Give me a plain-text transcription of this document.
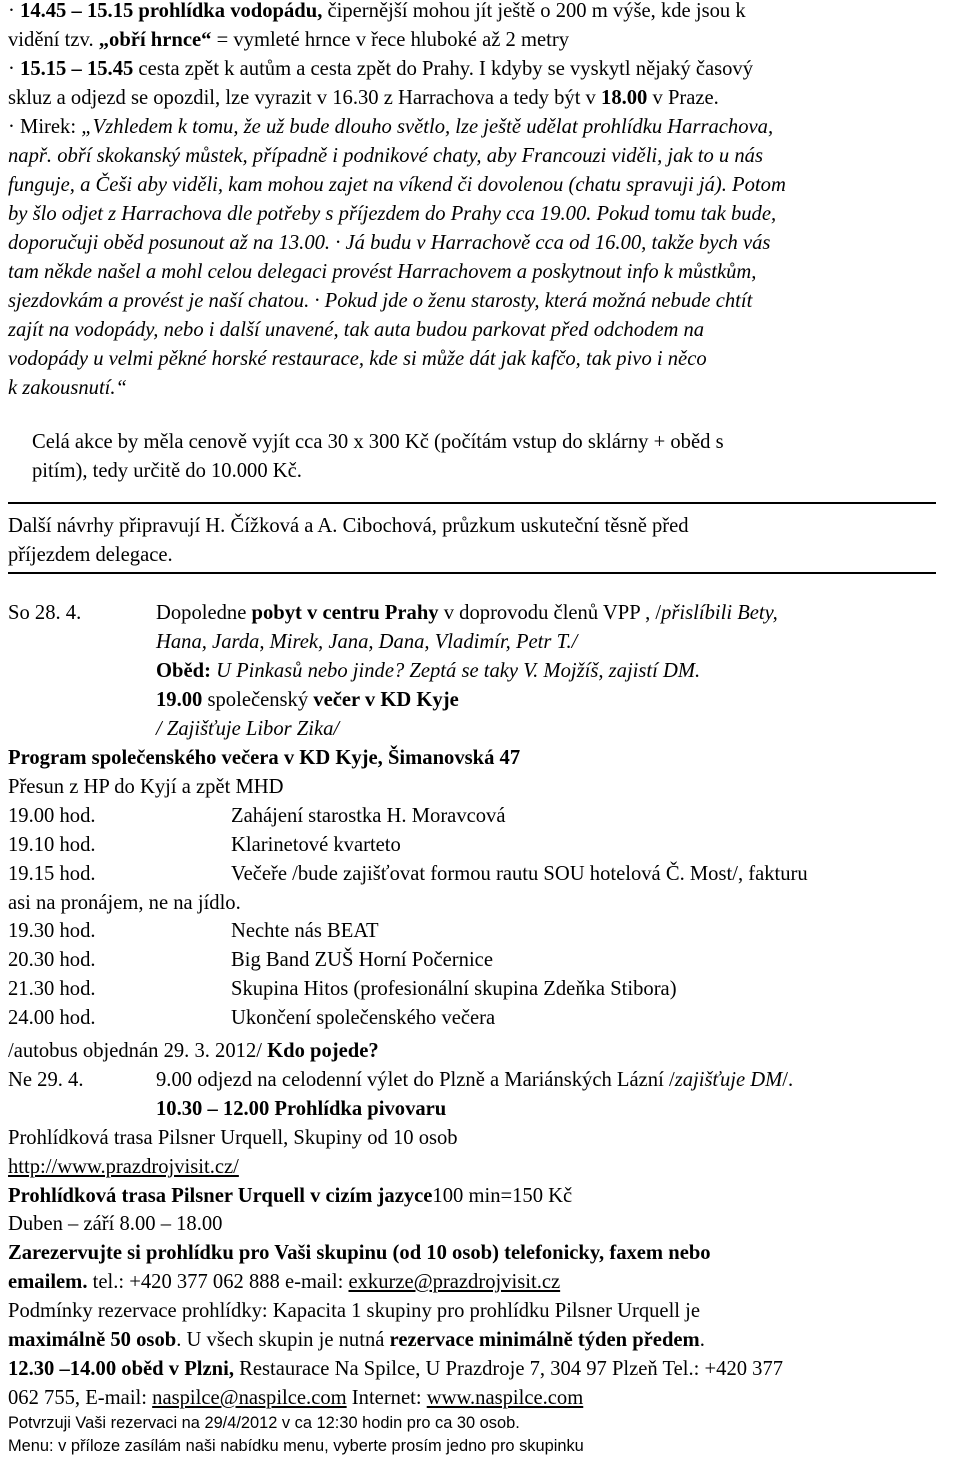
· 14.45 – 15.15 prohlídka vodopádu, čipernější mohou jít ještě o 200 m výše, kde jsou k
vidění tzv. „obří hrnce“ = vymleté hrnce v řece hluboké až 2 metry
· 15.15 – 15.45 cesta zpět k autům a cesta zpět do Prahy. I kdyby se vyskytl nějaký časový
skluz a odjezd se opozdil, lze vyrazit v 16.30 z Harrachova a tedy být v 18.00 v Praze.
· Mirek: „Vzhledem k tomu, že už bude dlouho světlo, lze ještě udělat prohlídku Harrachova,
např. obří skokanský můstek, případně i podnikové chaty, aby Francouzi viděli, jak to u nás
funguje, a Češi aby viděli, kam mohou zajet na víkend či dovolenou (chatu spravuji já). Potom
by šlo odjet z Harrachova dle potřeby s příjezdem do Prahy cca 19.00. Pokud tomu tak bude,
doporučuji oběd posunout až na 13.00. · Já budu v Harrachově cca od 16.00, takže bych vás
tam někde našel a mohl celou delegaci provést Harrachovem a poskytnout info k můstkům,
sjezdovkám a provést je naší chatou. · Pokud jde o ženu starosty, která možná nebude chtít
zajít na vodopády, nebo i další unavené, tak auta budou parkovat před odchodem na
vodopády u velmi pěkné horské restaurace, kde si může dát jak kafčo, tak pivo i něco
k zakousnutí.“
Celá akce by měla cenově vyjít cca 30 x 300 Kč (počítám vstup do sklárny + oběd s
pitím), tedy určitě do 10.000 Kč.
Další návrhy připravují H. Čížková a A. Cibochová, průzkum uskuteční těsně před
příjezdem delegace.
So 28. 4.	Dopoledne pobyt v centru Prahy v doprovodu členů VPP , /přislíbili Bety,
Hana, Jarda, Mirek, Jana, Dana, Vladimír, Petr T./
Oběd: U Pinkasů nebo jinde? Zeptá se taky V. Mojžíš, zajistí DM.
19.00 společenský večer v KD Kyje
/ Zajišťuje Libor Zika/
Program společenského večera v KD Kyje, Šimanovská 47
Přesun z HP do Kyjí a zpět MHD
19.00 hod.	Zahájení starostka H. Moravcová
19.10 hod.	Klarinetové kvarteto
19.15 hod.	Večeře /bude zajišťovat formou rautu SOU hotelová Č. Most/, fakturu
asi na pronájem, ne na jídlo.
19.30 hod.	Nechte nás BEAT
20.30 hod.	Big Band ZUŠ Horní Počernice
21.30 hod.	Skupina Hitos (profesionální skupina Zdeňka Stibora)
24.00 hod.	Ukončení společenského večera
/autobus objednán 29. 3. 2012/ Kdo pojede?
Ne 29. 4.	9.00 odjezd na celodenní výlet do Plzně a Mariánských Lázní /zajišťuje DM/.
10.30 – 12.00 Prohlídka pivovaru
Prohlídková trasa Pilsner Urquell, Skupiny od 10 osob
http://www.prazdrojvisit.cz/
Prohlídková trasa Pilsner Urquell v cizím jazyce100 min=150 Kč
Duben – září 8.00 – 18.00
Zarezervujte si prohlídku pro Vaši skupinu (od 10 osob) telefonicky, faxem nebo
emailem. tel.: +420 377 062 888 e-mail: exkurze@prazdrojvisit.cz
Podmínky rezervace prohlídky: Kapacita 1 skupiny pro prohlídku Pilsner Urquell je
maximálně 50 osob. U všech skupin je nutná rezervace minimálně týden předem.
12.30 –14.00 oběd v Plzni, Restaurace Na Spilce, U Prazdroje 7, 304 97 Plzeň Tel.: +420 377
062 755, E-mail: naspilce@naspilce.com Internet: www.naspilce.com
Potvrzuji Vaši rezervaci na 29/4/2012 v ca 12:30 hodin pro ca 30 osob.
Menu: v příloze zasílám naši nabídku menu, vyberte prosím jedno pro skupinku
